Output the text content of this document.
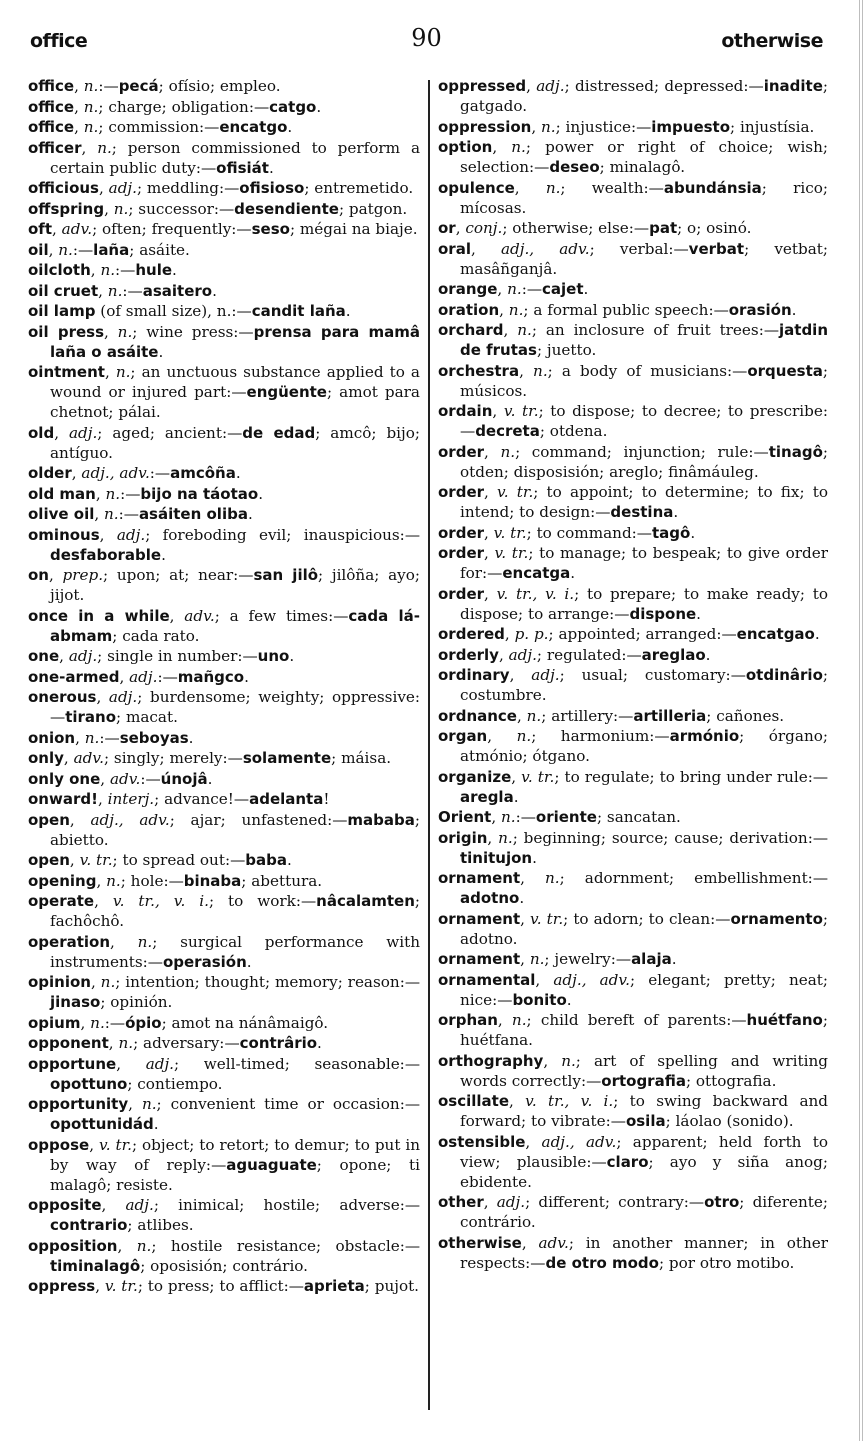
office	90	otherwise

office, n.:—pecá; ofísio; empleo.

office, n.; charge; obligation:—catgo.

office, n.; commission:—encatgo.

officer, n.; person commissioned to perform a certain public duty:—ofisiát.

officious, adj.; meddling:—ofisioso; entremetido.

offspring, n.; successor:—desendiente; patgon.

oft, adv.; often; frequently:—seso; mégai na biaje.

oil, n.:—laña; asáite.

oilcloth, n.:—hule.

oil cruet, n.:—asaitero.

oil lamp (of small size), n.:—candit laña.

oil press, n.; wine press:—prensa para mamâ laña o asáite.

ointment, n.; an unctuous substance applied to a wound or injured part:—engüente; amot para chetnot; pálai.

old, adj.; aged; ancient:—de edad; amcô; bijo; antíguo.

older, adj., adv.:—amcôña.

old man, n.:—bijo na táotao.

olive oil, n.:—asáiten oliba.

ominous, adj.; foreboding evil; inauspicious:—desfaborable.

on, prep.; upon; at; near:—san jilô; jilôña; ayo; jijot.

once in a while, adv.; a few times:—cada lá-abmam; cada rato.

one, adj.; single in number:—uno.

one-armed, adj.:—mañgco.

onerous, adj.; burdensome; weighty; oppressive:—tirano; macat.

onion, n.:—seboyas.

only, adv.; singly; merely:—solamente; máisa.

only one, adv.:—únojâ.

onward!, interj.; advance!—adelanta!

open, adj., adv.; ajar; unfastened:—mababa; abietto.

open, v. tr.; to spread out:—baba.

opening, n.; hole:—binaba; abettura.

operate, v. tr., v. i.; to work:—nâcalamten; fachôchô.

operation, n.; surgical performance with instruments:—operasión.

opinion, n.; intention; thought; memory; reason:—jinaso; opinión.

opium, n.:—ópio; amot na nánâmaigô.

opponent, n.; adversary:—contrârio.

opportune, adj.; well-timed; seasonable:—opottuno; contiempo.

opportunity, n.; convenient time or occasion:—opottunidád.

oppose, v. tr.; object; to retort; to demur; to put in by way of reply:—aguaguate; opone; ti malagô; resiste.

opposite, adj.; inimical; hostile; adverse:—contrario; atlibes.

opposition, n.; hostile resistance; obstacle:—timinalagô; oposisión; contrário.

oppress, v. tr.; to press; to afflict:—aprieta; pujot.

oppressed, adj.; distressed; depressed:—inadite; gatgado.

oppression, n.; injustice:—impuesto; injustísia.

option, n.; power or right of choice; wish; selection:—deseo; minalagô.

opulence, n.; wealth:—abundánsia; rico; mícosas.

or, conj.; otherwise; else:—pat; o; osinó.

oral, adj., adv.; verbal:—verbat; vetbat; masâñganjâ.

orange, n.:—cajet.

oration, n.; a formal public speech:—orasión.

orchard, n.; an inclosure of fruit trees:—jatdin de frutas; juetto.

orchestra, n.; a body of musicians:—orquesta; músicos.

ordain, v. tr.; to dispose; to decree; to prescribe:—decreta; otdena.

order, n.; command; injunction; rule:—tinagô; otden; disposisión; areglo; finâmáuleg.

order, v. tr.; to appoint; to determine; to fix; to intend; to design:—destina.

order, v. tr.; to command:—tagô.

order, v. tr.; to manage; to bespeak; to give order for:—encatga.

order, v. tr., v. i.; to prepare; to make ready; to dispose; to arrange:—dispone.

ordered, p. p.; appointed; arranged:—encatgao.

orderly, adj.; regulated:—areglao.

ordinary, adj.; usual; customary:—otdinârio; costumbre.

ordnance, n.; artillery:—artilleria; cañones.

organ, n.; harmonium:—armónio; órgano; atmónio; ótgano.

organize, v. tr.; to regulate; to bring under rule:—aregla.

Orient, n.:—oriente; sancatan.

origin, n.; beginning; source; cause; derivation:—tinitujon.

ornament, n.; adornment; embellishment:—adotno.

ornament, v. tr.; to adorn; to clean:—ornamento; adotno.

ornament, n.; jewelry:—alaja.

ornamental, adj., adv.; elegant; pretty; neat; nice:—bonito.

orphan, n.; child bereft of parents:—huétfano; huétfana.

orthography, n.; art of spelling and writing words correctly:—ortografia; ottografia.

oscillate, v. tr., v. i.; to swing backward and forward; to vibrate:—osila; láolao (sonido).

ostensible, adj., adv.; apparent; held forth to view; plausible:—claro; ayo y siña anog; ebidente.

other, adj.; different; contrary:—otro; diferente; contrário.

otherwise, adv.; in another manner; in other respects:—de otro modo; por otro motibo.
